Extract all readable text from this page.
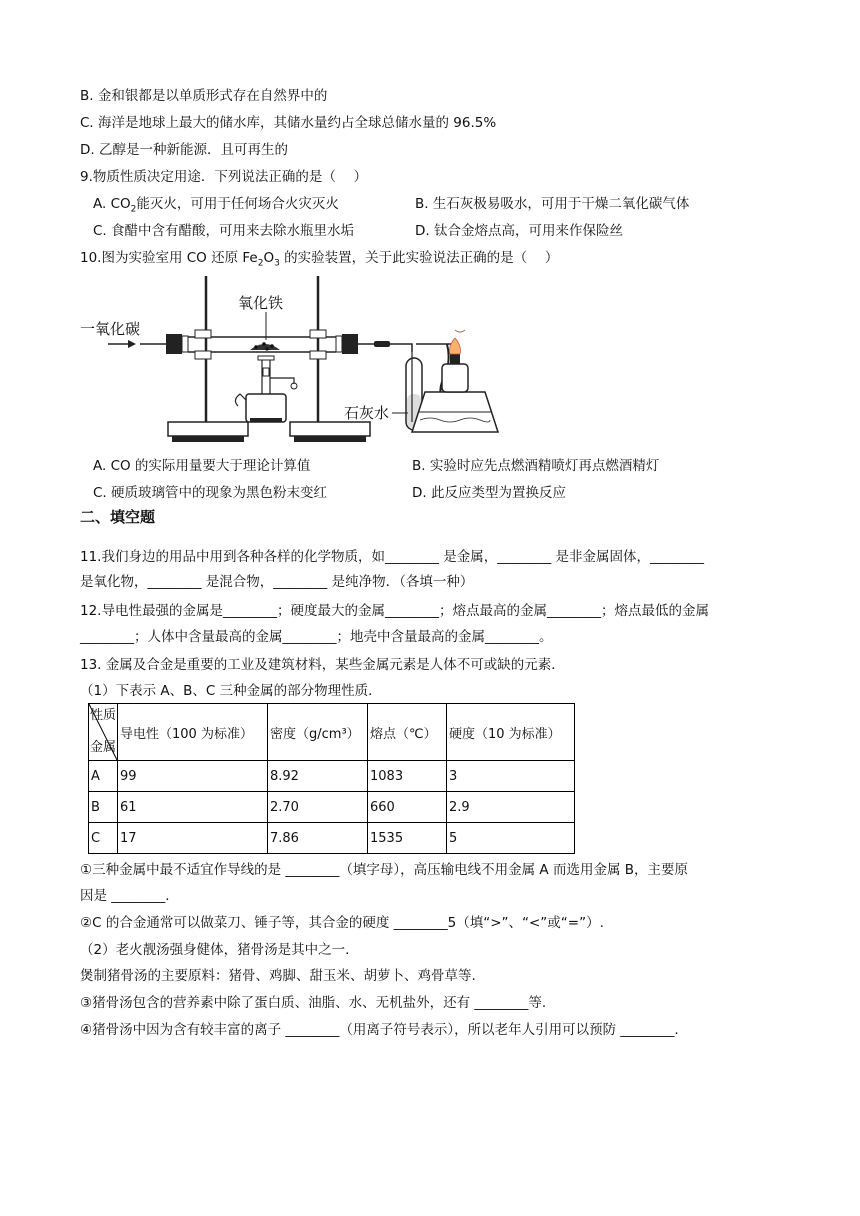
B. 金和银都是以单质形式存在自然界中的
C. 海洋是地球上最大的储水库，其储水量约占全球总储水量的 96.5%
D. 乙醇是一种新能源．且可再生的
9.物质性质决定用途．下列说法正确的是（　 ）
A. $CO_2$能灭火，可用于任何场合火灾灭火	B. 生石灰极易吸水，可用于干燥二氧化碳气体
C. 食醋中含有醋酸，可用来去除水瓶里水垢	D. 钛合金熔点高，可用来作保险丝
10.图为实验室用 CO 还原 $Fe_2O_3$ 的实验装置，关于此实验说法正确的是（　 ）
氧化铁
一氧化碳
石灰水
A. CO 的实际用量要大于理论计算值	B. 实验时应先点燃酒精喷灯再点燃酒精灯
C. 硬质玻璃管中的现象为黑色粉末变红	D. 此反应类型为置换反应
二、填空题
11.我们身边的用品中用到各种各样的化学物质，如________ 是金属，________ 是非金属固体，________
是氧化物，________ 是混合物，________ 是纯净物．（各填一种）
12.导电性最强的金属是________；硬度最大的金属________；熔点最高的金属________；熔点最低的金属
________；人体中含量最高的金属________；地壳中含量最高的金属________。
13. 金属及合金是重要的工业及建筑材料，某些金属元素是人体不可或缺的元素．
（1）下表示 A、B、C 三种金属的部分物理性质．
性质
金属	导电性（100 为标准）	密度（g/cm³）	熔点（℃）	硬度（10 为标准）
A	99	8.92	1083	3
B	61	2.70	660	2.9
C	17	7.86	1535	5
①三种金属中最不适宜作导线的是 ________（填字母），高压输电线不用金属 A 而选用金属 B，主要原
因是 ________.
②C 的合金通常可以做菜刀、锤子等，其合金的硬度 ________5（填“>”、“<”或“=”）.
（2）老火靓汤强身健体，猪骨汤是其中之一.
煲制猪骨汤的主要原料：猪骨、鸡脚、甜玉米、胡萝卜、鸡骨草等.
③猪骨汤包含的营养素中除了蛋白质、油脂、水、无机盐外，还有 ________等.
④猪骨汤中因为含有较丰富的离子 ________（用离子符号表示），所以老年人引用可以预防 ________.
